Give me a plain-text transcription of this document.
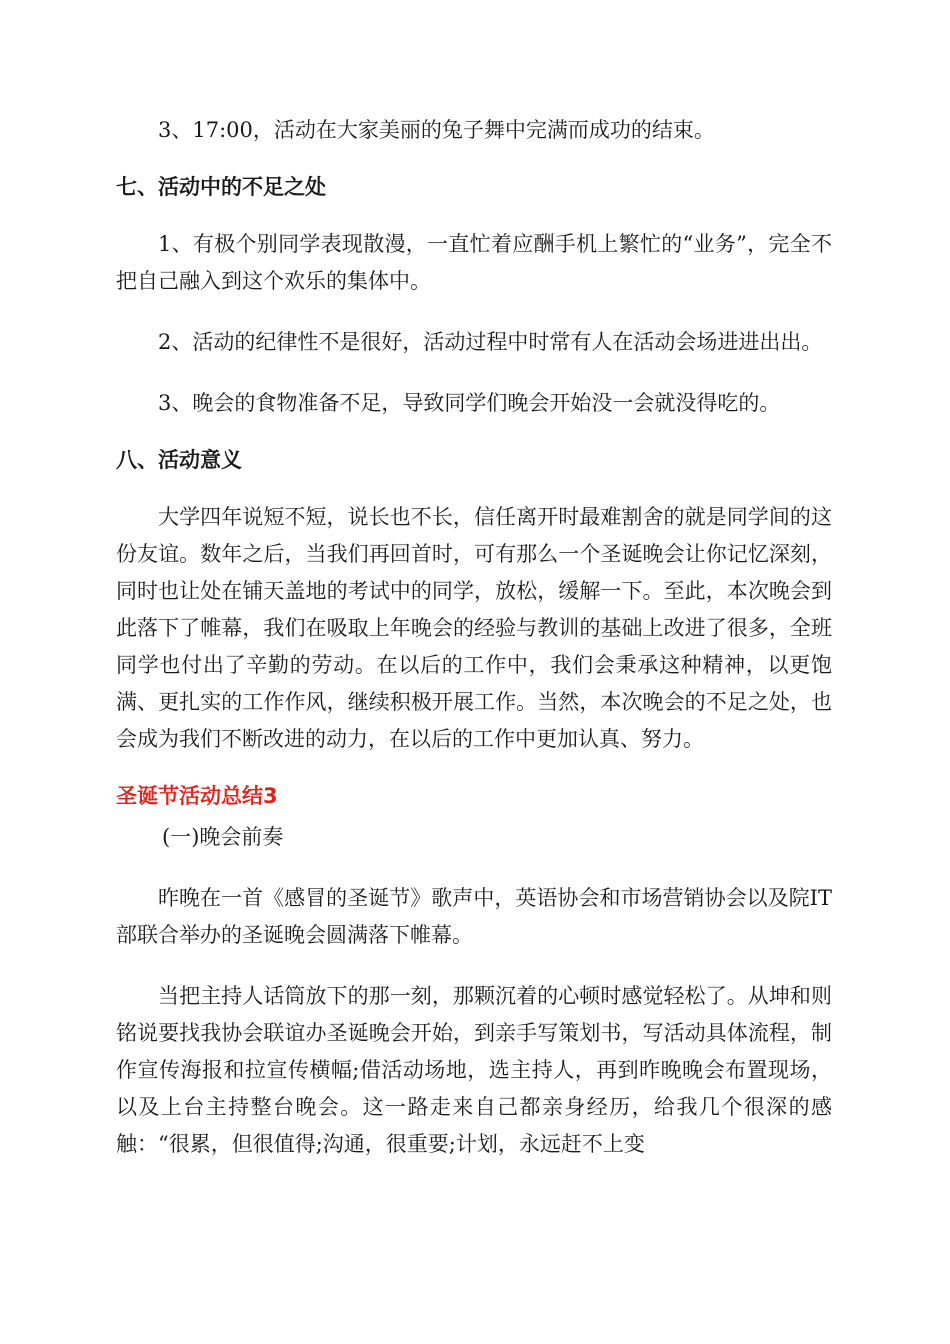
3、17:00，活动在大家美丽的兔子舞中完满而成功的结束。

七、活动中的不足之处

1、有极个别同学表现散漫，一直忙着应酬手机上繁忙的“业务”，完全不把自己融入到这个欢乐的集体中。

2、活动的纪律性不是很好，活动过程中时常有人在活动会场进进出出。

3、晚会的食物准备不足，导致同学们晚会开始没一会就没得吃的。

八、活动意义

大学四年说短不短，说长也不长，信任离开时最难割舍的就是同学间的这份友谊。数年之后，当我们再回首时，可有那么一个圣诞晚会让你记忆深刻，同时也让处在铺天盖地的考试中的同学，放松，缓解一下。至此，本次晚会到此落下了帷幕，我们在吸取上年晚会的经验与教训的基础上改进了很多，全班同学也付出了辛勤的劳动。在以后的工作中，我们会秉承这种精神，以更饱满、更扎实的工作作风，继续积极开展工作。当然，本次晚会的不足之处，也会成为我们不断改进的动力，在以后的工作中更加认真、努力。

圣诞节活动总结3

(一)晚会前奏

昨晚在一首《感冒的圣诞节》歌声中，英语协会和市场营销协会以及院IT部联合举办的圣诞晚会圆满落下帷幕。

当把主持人话筒放下的那一刻，那颗沉着的心顿时感觉轻松了。从坤和则铭说要找我协会联谊办圣诞晚会开始，到亲手写策划书，写活动具体流程，制作宣传海报和拉宣传横幅;借活动场地，选主持人，再到昨晚晚会布置现场，以及上台主持整台晚会。这一路走来自己都亲身经历，给我几个很深的感触：“很累，但很值得;沟通，很重要;计划，永远赶不上变
